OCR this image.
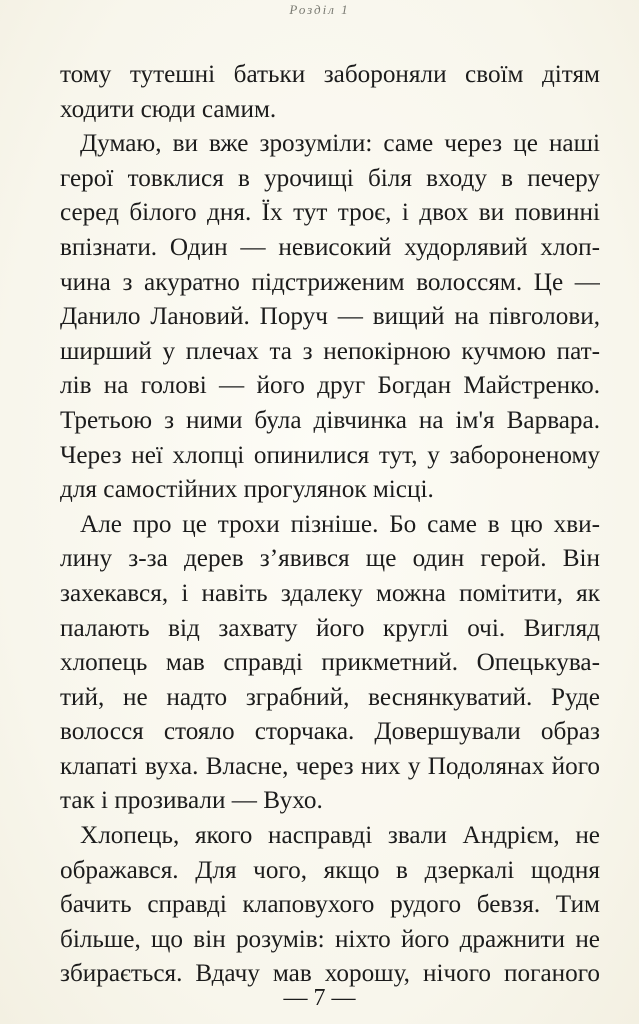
Розділ 1

тому тутешні батьки забороняли своїм дітям
ходити сюди самим.

Думаю, ви вже зрозуміли: саме через це наші
герої товклися в урочищі біля входу в печеру
серед білого дня. Їх тут троє, і двох ви повинні
впізнати. Один — невисокий худорлявий хлоп-
чина з акуратно підстриженим волоссям. Це —
Данило Лановий. Поруч — вищий на півголови,
ширший у плечах та з непокірною кучмою пат-
лів на голові — його друг Богдан Майстренко.
Третьою з ними була дівчинка на ім'я Варвара.
Через неї хлопці опинилися тут, у забороненому
для самостійних прогулянок місці.

Але про це трохи пізніше. Бо саме в цю хви-
лину з-за дерев з’явився ще один герой. Він
захекався, і навіть здалеку можна помітити, як
палають від захвату його круглі очі. Вигляд
хлопець мав справді прикметний. Опецькува-
тий, не надто зграбний, веснянкуватий. Руде
волосся стояло сторчака. Довершували образ
клапаті вуха. Власне, через них у Подолянах його
так і прозивали — Вухо.

Хлопець, якого насправді звали Андрієм, не
ображався. Для чого, якщо в дзеркалі щодня
бачить справді клаповухого рудого бевзя. Тим
більше, що він розумів: ніхто його дражнити не
збирається. Вдачу мав хорошу, нічого поганого

— 7 —
